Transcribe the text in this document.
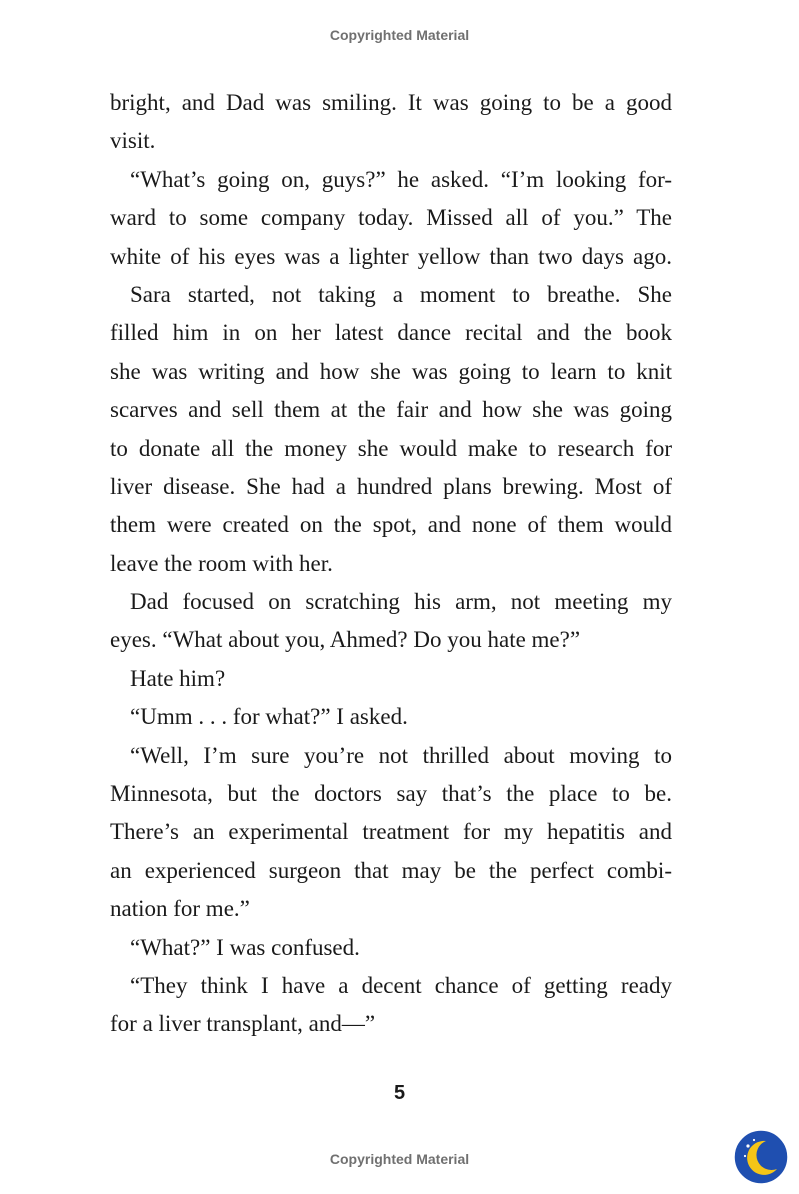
Copyrighted Material
bright, and Dad was smiling. It was going to be a good
visit.
“What’s going on, guys?” he asked. “I’m looking for-
ward to some company today. Missed all of you.” The
white of his eyes was a lighter yellow than two days ago.
Sara started, not taking a moment to breathe. She
filled him in on her latest dance recital and the book
she was writing and how she was going to learn to knit
scarves and sell them at the fair and how she was going
to donate all the money she would make to research for
liver disease. She had a hundred plans brewing. Most of
them were created on the spot, and none of them would
leave the room with her.
Dad focused on scratching his arm, not meeting my
eyes. “What about you, Ahmed? Do you hate me?”
Hate him?
“Umm . . . for what?” I asked.
“Well, I’m sure you’re not thrilled about moving to
Minnesota, but the doctors say that’s the place to be.
There’s an experimental treatment for my hepatitis and
an experienced surgeon that may be the perfect combi-
nation for me.”
“What?” I was confused.
“They think I have a decent chance of getting ready
for a liver transplant, and—”
5
Copyrighted Material
